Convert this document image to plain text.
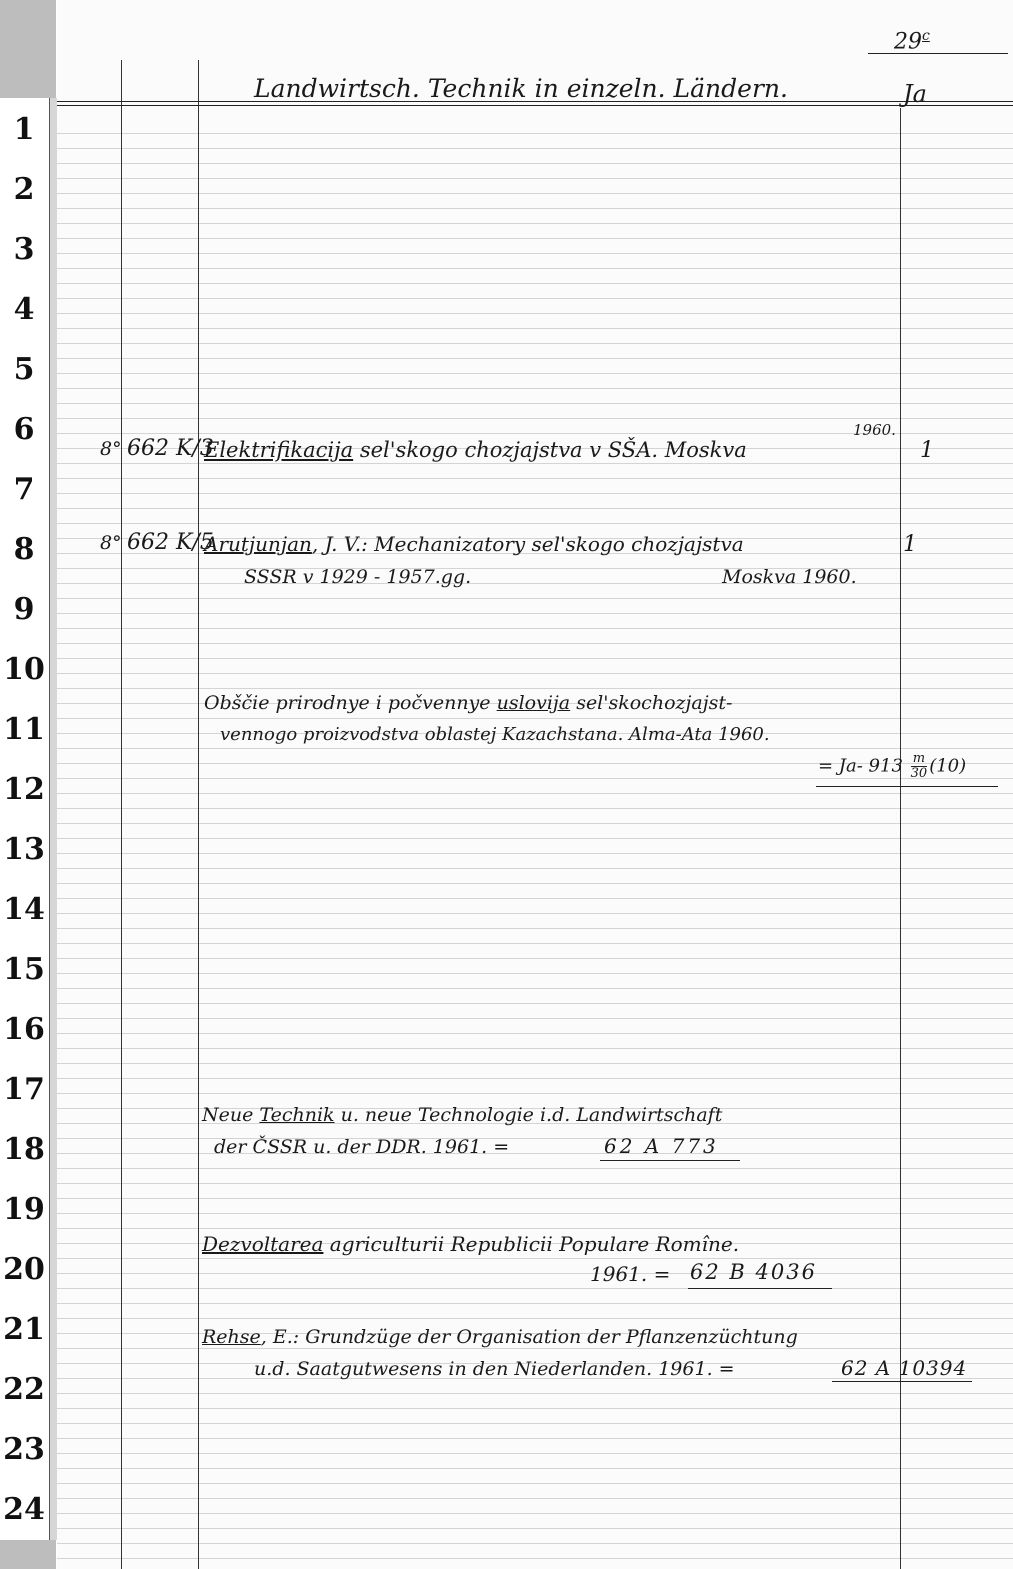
1
2
3
4
5
6
7
8
9
10
11
12
13
14
15
16
17
18
19
20
21
22
23
24
29$^c$
Landwirtsch. Technik in einzeln. Ländern.	Ja
8° 662 K/3
Elektrifikacija sel'skogo chozjajstva v SŠA. Moskva
1960.
1
8° 662 K/5
Arutjunjan, J. V.: Mechanizatory sel'skogo chozjajstva
SSSR v 1929 - 1957.gg.	Moskva 1960.
1
Obščie prirodnye i počvennye uslovija sel'skochozjajst-
vennogo proizvodstva oblastej Kazachstana. Alma-Ata 1960.
= Ja- $913 \frac{m}{30} (10)$
Neue Technik u. neue Technologie i.d. Landwirtschaft
der ČSSR u. der DDR. 1961. =	62 A 773
Dezvoltarea agriculturii Republicii Populare Romîne.
1961. = 62 B 4036
Rehse, E.: Grundzüge der Organisation der Pflanzenzüchtung
u.d. Saatgutwesens in den Niederlanden. 1961. =	62 A 10394
